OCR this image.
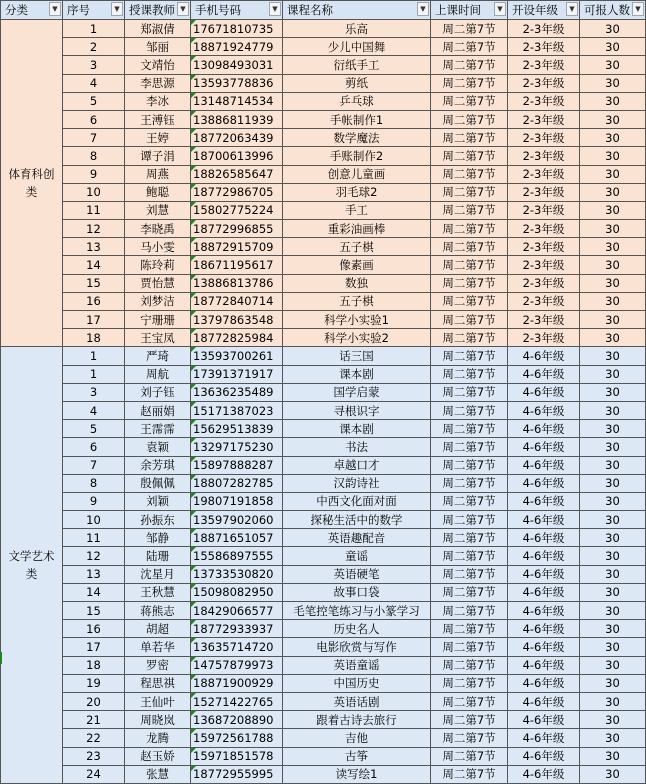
分类 ▼	序号 ▼	授课教师 ▼	手机号码 ▼	课程名称 ▼	上课时间 ▼	开设年级 ▼	可报人数 ▼

体育科创类	1	郑淑倩	17671810735	乐高	周二第7节	2-3年级	30
	2	邹丽	18871924779	少儿中国舞	周二第7节	2-3年级	30
	3	文靖怡	13098493031	衍纸手工	周二第7节	2-3年级	30
	4	李思源	13593778836	剪纸	周二第7节	2-3年级	30
	5	李冰	13148714534	乒乓球	周二第7节	2-3年级	30
	6	王溥钰	13886811939	手帐制作1	周二第7节	2-3年级	30
	7	王婷	18772063439	数学魔法	周二第7节	2-3年级	30
	8	谭子涓	18700613996	手账制作2	周二第7节	2-3年级	30
	9	周燕	18826585647	创意儿童画	周二第7节	2-3年级	30
	10	鲍聪	18772986705	羽毛球2	周二第7节	2-3年级	30
	11	刘慧	15802775224	手工	周二第7节	2-3年级	30
	12	李晓禹	18772996855	重彩油画棒	周二第7节	2-3年级	30
	13	马小雯	18872915709	五子棋	周二第7节	2-3年级	30
	14	陈玲莉	18671195617	像素画	周二第7节	2-3年级	30
	15	贾怡慧	13886813786	数独	周二第7节	2-3年级	30
	16	刘梦洁	18772840714	五子棋	周二第7节	2-3年级	30
	17	宁珊珊	13797863548	科学小实验1	周二第7节	2-3年级	30
	18	王宝凤	18772825984	科学小实验2	周二第7节	2-3年级	30
文学艺术类	1	严琦	13593700261	话三国	周二第7节	4-6年级	30
	1	周航	17391371917	课本剧	周二第7节	4-6年级	30
	3	刘子钰	13636235489	国学启蒙	周二第7节	4-6年级	30
	4	赵丽娟	15171387023	寻根识字	周二第7节	4-6年级	30
	5	王霈霈	15629513839	课本剧	周二第7节	4-6年级	30
	6	袁颖	13297175230	书法	周二第7节	4-6年级	30
	7	余芳琪	15897888287	卓越口才	周二第7节	4-6年级	30
	8	殷佩佩	18807282785	汉韵诗社	周二第7节	4-6年级	30
	9	刘颖	19807191858	中西文化面对面	周二第7节	4-6年级	30
	10	孙振东	13597902060	探秘生活中的数学	周二第7节	4-6年级	30
	11	邹静	18871651057	英语趣配音	周二第7节	4-6年级	30
	12	陆珊	15586897555	童谣	周二第7节	4-6年级	30
	13	沈星月	13733530820	英语硬笔	周二第7节	4-6年级	30
	14	王秋慧	15098082950	故事口袋	周二第7节	4-6年级	30
	15	蒋熊志	18429066577	毛笔控笔练习与小篆学习	周二第7节	4-6年级	30
	16	胡超	18772933937	历史名人	周二第7节	4-6年级	30
	17	单若华	13635714720	电影欣赏与写作	周二第7节	4-6年级	30
	18	罗密	14757879973	英语童谣	周二第7节	4-6年级	30
	19	程思祺	18871900929	中国历史	周二第7节	4-6年级	30
	20	王仙叶	15271422765	英语话剧	周二第7节	4-6年级	30
	21	周晓岚	13687208890	跟着古诗去旅行	周二第7节	4-6年级	30
	22	龙腾	15972561788	吉他	周二第7节	4-6年级	30
	23	赵玉娇	15971851578	古筝	周二第7节	4-6年级	30
	24	张慧	18772955995	读写绘1	周二第7节	4-6年级	30
